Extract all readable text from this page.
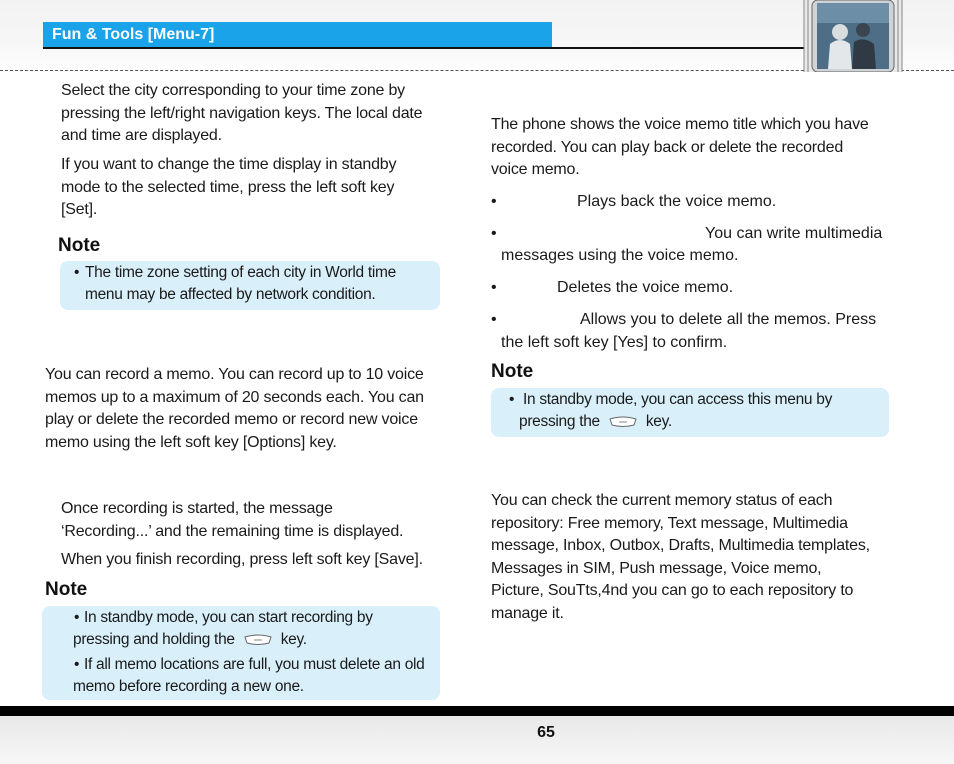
Fun & Tools [Menu-7]
Select the city corresponding to your time zone by
pressing the left/right navigation keys. The local date
and time are displayed.
If you want to change the time display in standby
mode to the selected time, press the left soft key
[Set].
Note
• The time zone setting of each city in World time
menu may be affected by network condition.
You can record a memo. You can record up to 10 voice
memos up to a maximum of 20 seconds each. You can
play or delete the recorded memo or record new voice
memo using the left soft key [Options] key.
Once recording is started, the message
‘Recording...’ and the remaining time is displayed.
When you finish recording, press left soft key [Save].
Note
• In standby mode, you can start recording by
pressing and holding the	key.
• If all memo locations are full, you must delete an old
memo before recording a new one.
The phone shows the voice memo title which you have
recorded. You can play back or delete the recorded
voice memo.
•	Plays back the voice memo.
•	You can write multimedia
messages using the voice memo.
•	Deletes the voice memo.
•	Allows you to delete all the memos. Press
the left soft key [Yes] to confirm.
Note
• In standby mode, you can access this menu by
pressing the	key.
You can check the current memory status of each
repository: Free memory, Text message, Multimedia
message, Inbox, Outbox, Drafts, Multimedia templates,
Messages in SIM, Push message, Voice memo,
Picture, SouTts,4nd you can go to each repository to
manage it.
65
